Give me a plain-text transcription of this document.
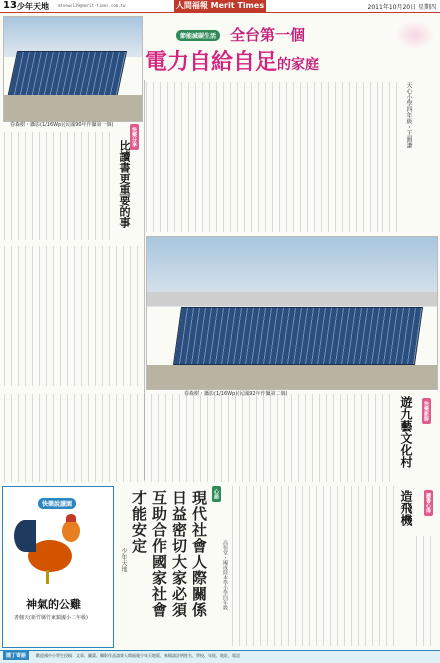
13 少年天地 mtnews119@merit-times.com.tw	人間福報 Merit Times	2011年10月20日 星期四
春森樹・攝影(1/16Wp)(民國90年作攝第一個)
節能減碳生活 全台第一個
電力自給自足的家庭
快樂分享
比讀書更重要的事
天心小學四年級・王韻謙
春森樹・攝影(1/16Wp)(民國92年作攝第二個)
快樂新鮮
遊九藝文化村
讀書心得
造飛機
快樂說讀園
神氣的公雞
書翹天(新竹縣竹東鎮國小二年級)
心語
現代社會人際關係
日益密切大家必須
互助合作國家社會
才能安定
少年天地	高恒堂・國成陸本學小學四年級
園丁寄語	歡迎國中小學生投稿：文章、圖畫、攝影作品請寄人間福報少年天地版，來稿請註明姓名、學校、年級、地址、電話
